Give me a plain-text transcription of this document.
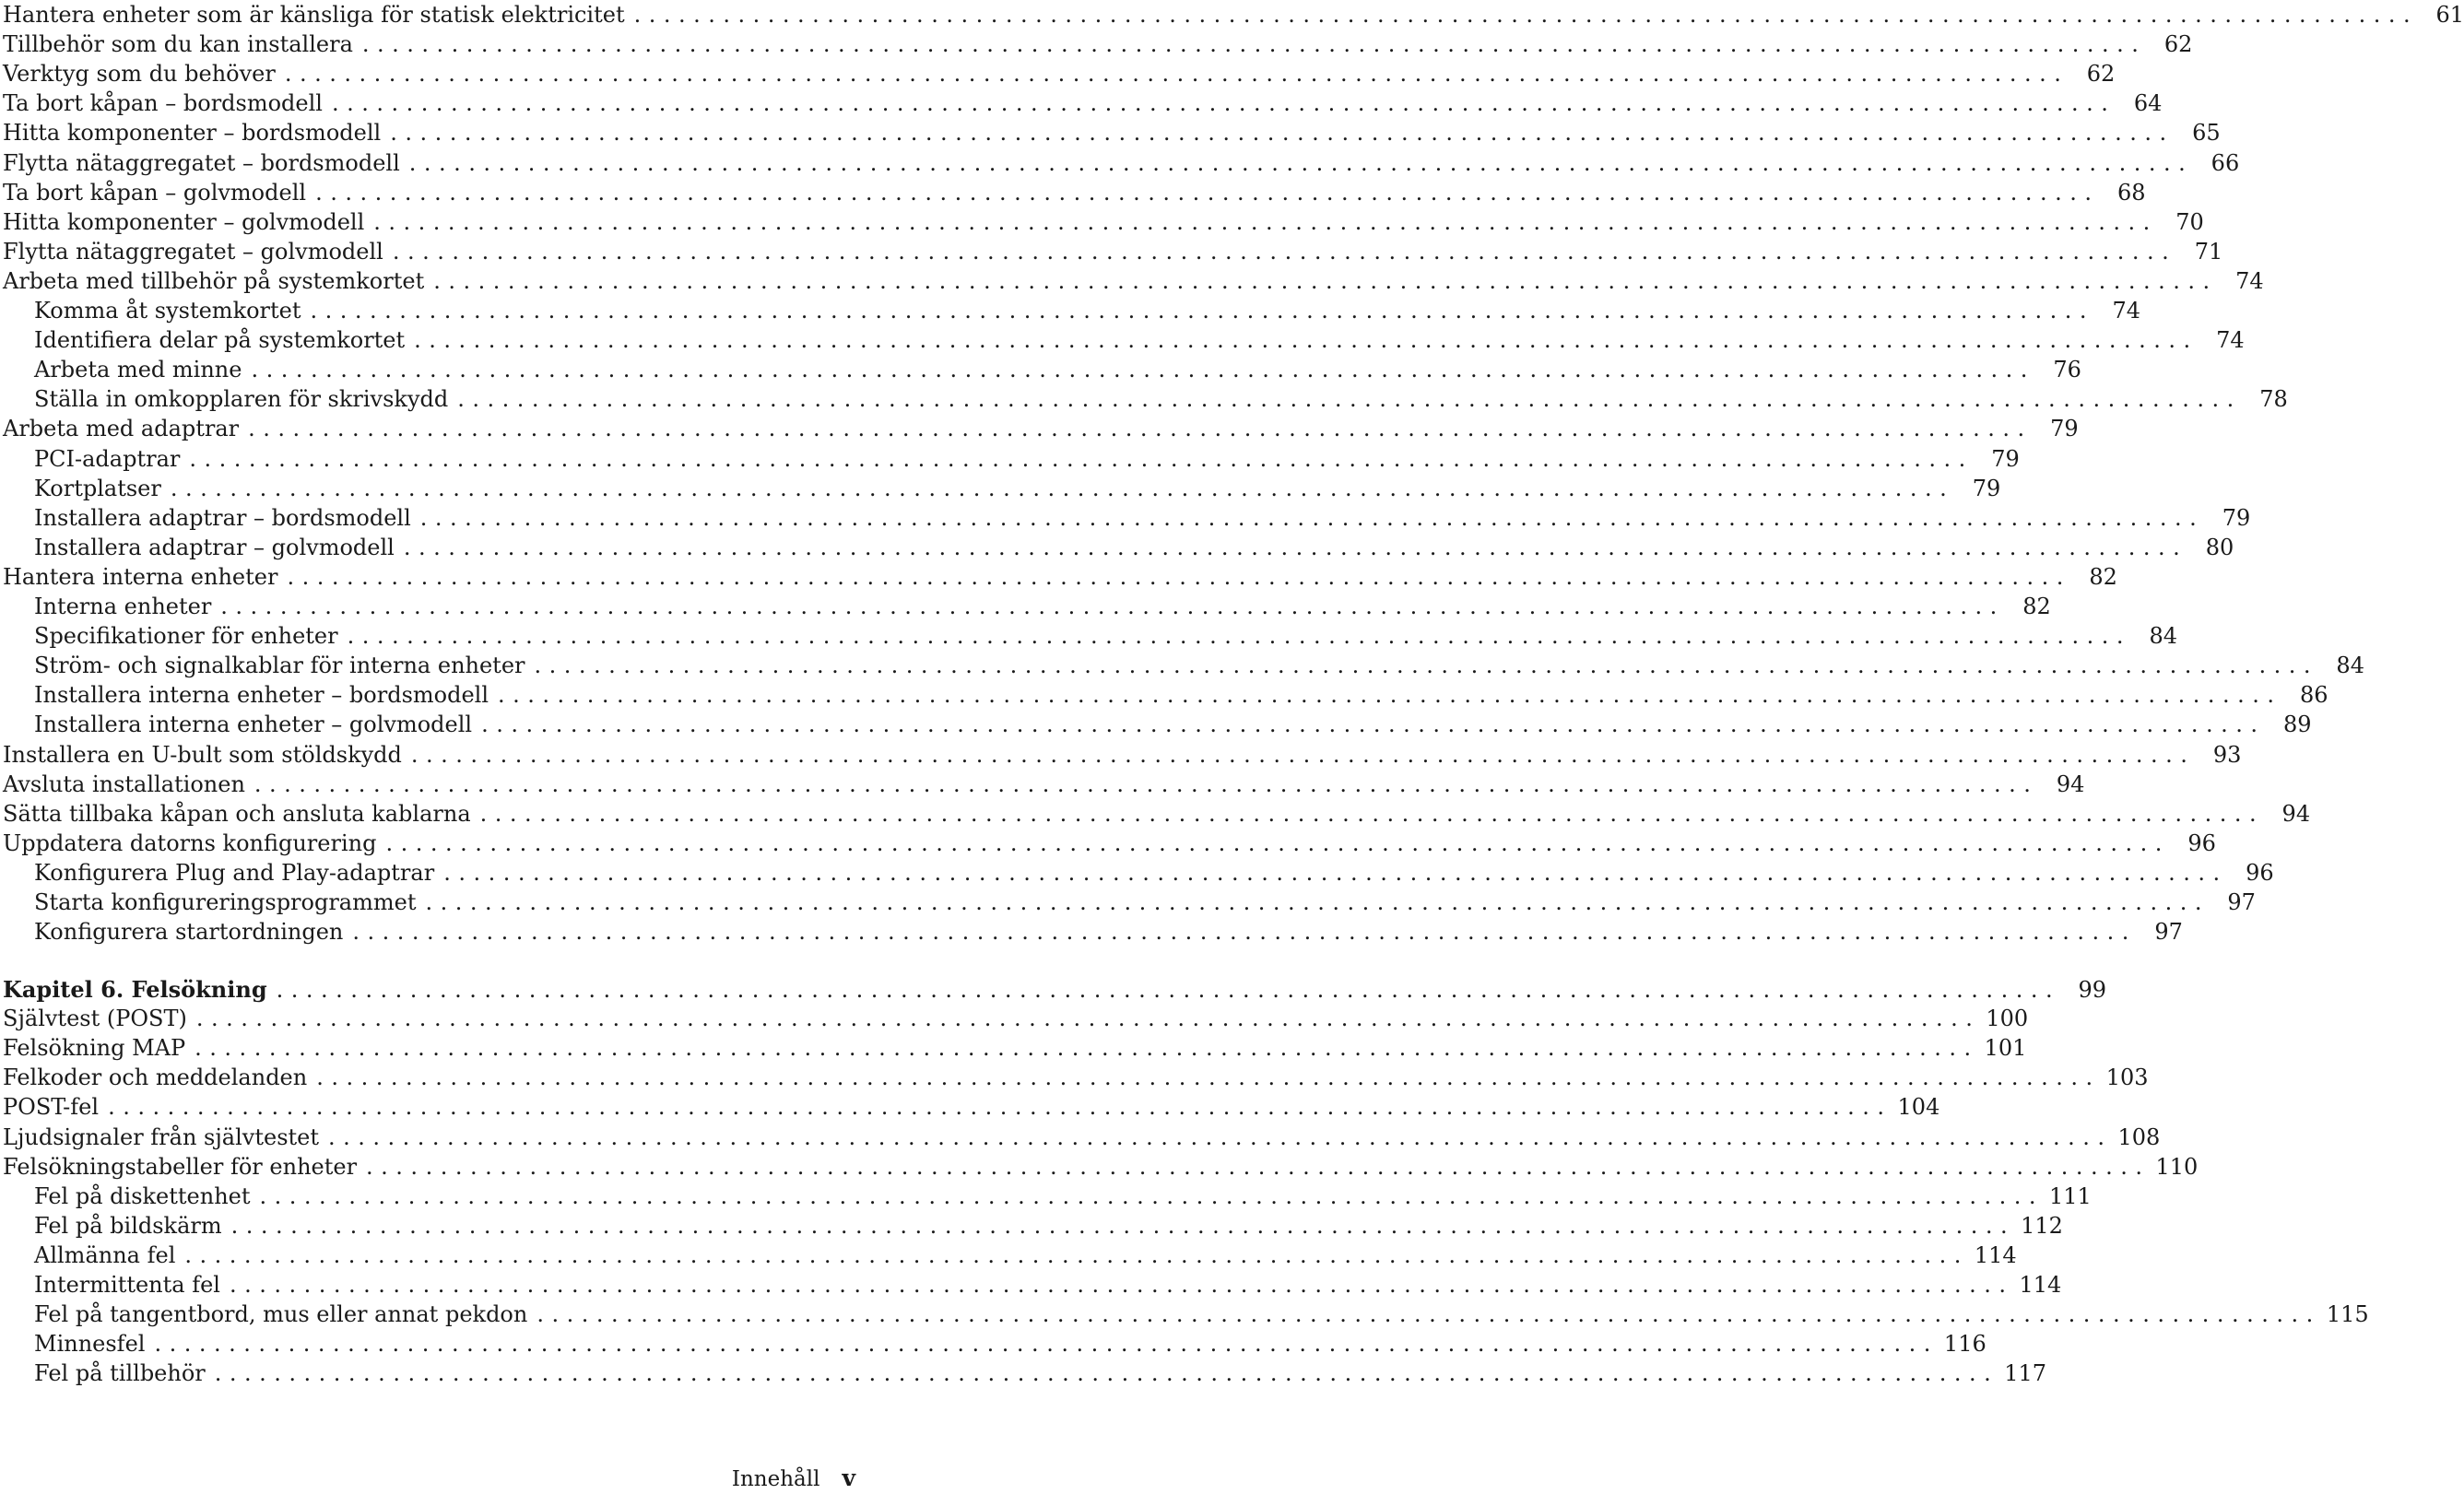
Hantera enheter som är känsliga för statisk elektricitet ........................................................................................................................ 61
Tillbehör som du kan installera ........................................................................................................................ 62
Verktyg som du behöver ........................................................................................................................ 62
Ta bort kåpan – bordsmodell ........................................................................................................................ 64
Hitta komponenter – bordsmodell ........................................................................................................................ 65
Flytta nätaggregatet – bordsmodell ........................................................................................................................ 66
Ta bort kåpan – golvmodell ........................................................................................................................ 68
Hitta komponenter – golvmodell ........................................................................................................................ 70
Flytta nätaggregatet – golvmodell ........................................................................................................................ 71
Arbeta med tillbehör på systemkortet ........................................................................................................................ 74
Komma åt systemkortet ........................................................................................................................ 74
Identifiera delar på systemkortet ........................................................................................................................ 74
Arbeta med minne ........................................................................................................................ 76
Ställa in omkopplaren för skrivskydd ........................................................................................................................ 78
Arbeta med adaptrar ........................................................................................................................ 79
PCI-adaptrar ........................................................................................................................ 79
Kortplatser ........................................................................................................................ 79
Installera adaptrar – bordsmodell ........................................................................................................................ 79
Installera adaptrar – golvmodell ........................................................................................................................ 80
Hantera interna enheter ........................................................................................................................ 82
Interna enheter ........................................................................................................................ 82
Specifikationer för enheter ........................................................................................................................ 84
Ström- och signalkablar för interna enheter ........................................................................................................................ 84
Installera interna enheter – bordsmodell ........................................................................................................................ 86
Installera interna enheter – golvmodell ........................................................................................................................ 89
Installera en U-bult som stöldskydd ........................................................................................................................ 93
Avsluta installationen ........................................................................................................................ 94
Sätta tillbaka kåpan och ansluta kablarna ........................................................................................................................ 94
Uppdatera datorns konfigurering ........................................................................................................................ 96
Konfigurera Plug and Play-adaptrar ........................................................................................................................ 96
Starta konfigureringsprogrammet ........................................................................................................................ 97
Konfigurera startordningen ........................................................................................................................ 97
Kapitel 6. Felsökning ........................................................................................................................ 99
Självtest (POST) ........................................................................................................................ 100
Felsökning MAP ........................................................................................................................ 101
Felkoder och meddelanden ........................................................................................................................ 103
POST-fel ........................................................................................................................ 104
Ljudsignaler från självtestet ........................................................................................................................ 108
Felsökningstabeller för enheter ........................................................................................................................ 110
Fel på diskettenhet ........................................................................................................................ 111
Fel på bildskärm ........................................................................................................................ 112
Allmänna fel ........................................................................................................................ 114
Intermittenta fel ........................................................................................................................ 114
Fel på tangentbord, mus eller annat pekdon ........................................................................................................................ 115
Minnesfel ........................................................................................................................ 116
Fel på tillbehör ........................................................................................................................ 117
Innehåll v
